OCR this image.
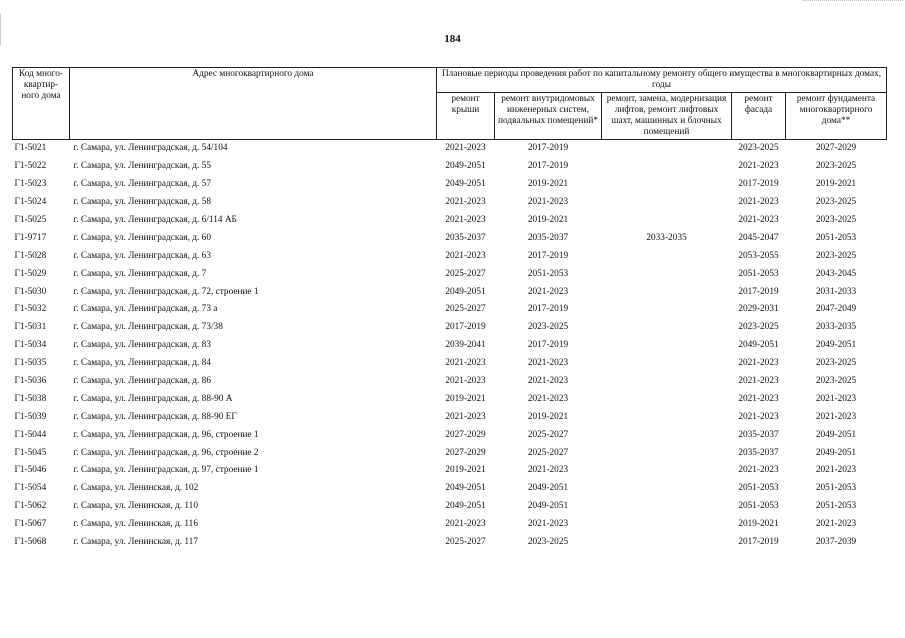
184
Код много-квартир-ного дома	Адрес многоквартирного дома	Плановые периоды проведения работ по капитальному ремонту общего имущества в многоквартирных домах, годы				
		ремонт крыши	ремонт внутридомовых инженерных систем, подвальных помещений*	ремонт, замена, модернизация лифтов, ремонт лифтовых шахт, машинных и блочных помещений	ремонт фасада	ремонт фундамента многоквартирного дома**
Г1-5021	г. Самара, ул. Ленинградская, д. 54/104	2021-2023	2017-2019		2023-2025	2027-2029
Г1-5022	г. Самара, ул. Ленинградская, д. 55	2049-2051	2017-2019		2021-2023	2023-2025
Г1-5023	г. Самара, ул. Ленинградская, д. 57	2049-2051	2019-2021		2017-2019	2019-2021
Г1-5024	г. Самара, ул. Ленинградская, д. 58	2021-2023	2021-2023		2021-2023	2023-2025
Г1-5025	г. Самара, ул. Ленинградская, д. 6/114 АБ	2021-2023	2019-2021		2021-2023	2023-2025
Г1-9717	г. Самара, ул. Ленинградская, д. 60	2035-2037	2035-2037	2033-2035	2045-2047	2051-2053
Г1-5028	г. Самара, ул. Ленинградская, д. 63	2021-2023	2017-2019		2053-2055	2023-2025
Г1-5029	г. Самара, ул. Ленинградская, д. 7	2025-2027	2051-2053		2051-2053	2043-2045
Г1-5030	г. Самара, ул. Ленинградская, д. 72, строение 1	2049-2051	2021-2023		2017-2019	2031-2033
Г1-5032	г. Самара, ул. Ленинградская, д. 73 а	2025-2027	2017-2019		2029-2031	2047-2049
Г1-5031	г. Самара, ул. Ленинградская, д. 73/38	2017-2019	2023-2025		2023-2025	2033-2035
Г1-5034	г. Самара, ул. Ленинградская, д. 83	2039-2041	2017-2019		2049-2051	2049-2051
Г1-5035	г. Самара, ул. Ленинградская, д. 84	2021-2023	2021-2023		2021-2023	2023-2025
Г1-5036	г. Самара, ул. Ленинградская, д. 86	2021-2023	2021-2023		2021-2023	2023-2025
Г1-5038	г. Самара, ул. Ленинградская, д. 88-90 А	2019-2021	2021-2023		2021-2023	2021-2023
Г1-5039	г. Самара, ул. Ленинградская, д. 88-90 ЕГ	2021-2023	2019-2021		2021-2023	2021-2023
Г1-5044	г. Самара, ул. Ленинградская, д. 96, строение 1	2027-2029	2025-2027		2035-2037	2049-2051
Г1-5045	г. Самара, ул. Ленинградская, д. 96, строение 2	2027-2029	2025-2027		2035-2037	2049-2051
Г1-5046	г. Самара, ул. Ленинградская, д. 97, строение 1	2019-2021	2021-2023		2021-2023	2021-2023
Г1-5054	г. Самара, ул. Ленинская, д. 102	2049-2051	2049-2051		2051-2053	2051-2053
Г1-5062	г. Самара, ул. Ленинская, д. 110	2049-2051	2049-2051		2051-2053	2051-2053
Г1-5067	г. Самара, ул. Ленинская, д. 116	2021-2023	2021-2023		2019-2021	2021-2023
Г1-5068	г. Самара, ул. Ленинская, д. 117	2025-2027	2023-2025		2017-2019	2037-2039
